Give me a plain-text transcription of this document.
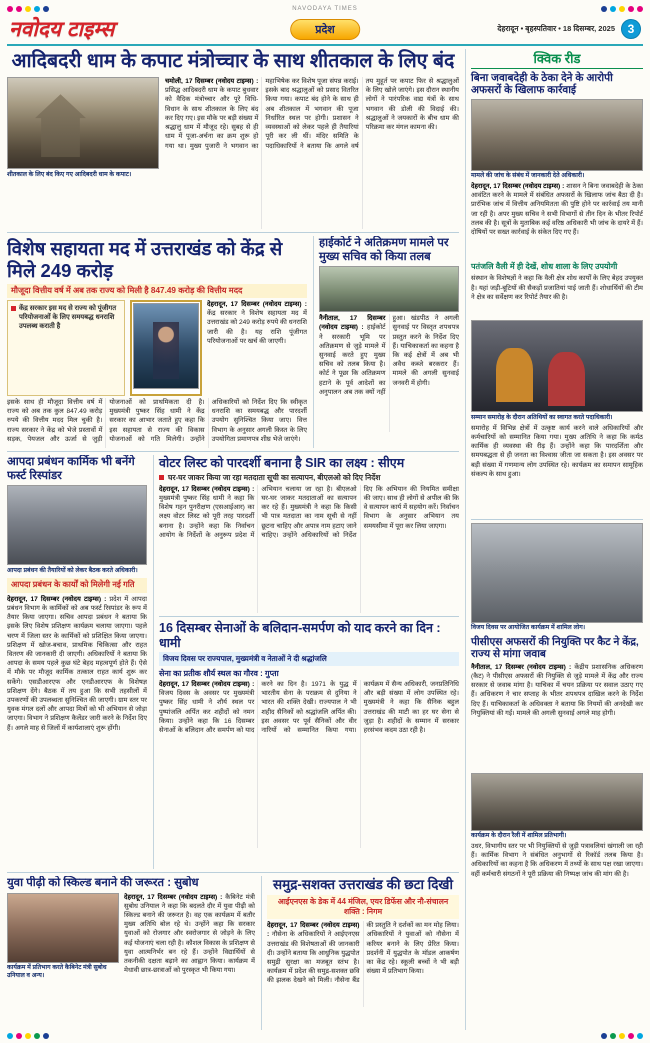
NAVODAYA TIMES
नवोदय टाइम्स	प्रदेश	देहरादून • बृहस्पतिवार • 18 दिसम्बर, 2025	3
आदिबदरी धाम के कपाट मंत्रोच्चार के साथ शीतकाल के लिए बंद
शीतकाल के लिए बंद किए गए आदिबदरी धाम के कपाट।
चमोली, 17 दिसम्बर (नवोदय टाइम्स) : प्रसिद्ध आदिबदरी धाम के कपाट बुधवार को वैदिक मंत्रोच्चार और पूरे विधि-विधान के साथ शीतकाल के लिए बंद कर दिए गए। इस मौके पर बड़ी संख्या में श्रद्धालु धाम में मौजूद रहे। सुबह से ही धाम में पूजा-अर्चना का क्रम शुरू हो गया था। मुख्य पुजारी ने भगवान का महाभिषेक कर विशेष पूजा संपन्न कराई। इसके बाद श्रद्धालुओं को प्रसाद वितरित किया गया। कपाट बंद होने के साथ ही अब शीतकाल में भगवान की पूजा निर्धारित स्थल पर होगी। प्रशासन ने व्यवस्थाओं को लेकर पहले ही तैयारियां पूरी कर ली थीं। मंदिर समिति के पदाधिकारियों ने बताया कि अगले वर्ष तय मुहूर्त पर कपाट फिर से श्रद्धालुओं के लिए खोले जाएंगे। इस दौरान स्थानीय लोगों ने पारंपरिक वाद्य यंत्रों के साथ भगवान की डोली की विदाई की। श्रद्धालुओं ने जयकारों के बीच धाम की परिक्रमा कर मंगल कामना की।
विशेष सहायता मद में उत्तराखंड को केंद्र से मिले 249 करोड़
मौजूदा वित्तीय वर्ष में अब तक राज्य को मिली है 847.49 करोड़ की वित्तीय मदद
केंद्र सरकार इस मद से राज्य को पूंजीगत परियोजनाओं के लिए समयबद्ध धनराशि उपलब्ध कराती है
देहरादून, 17 दिसम्बर (नवोदय टाइम्स) : केंद्र सरकार ने विशेष सहायता मद में उत्तराखंड को 249 करोड़ रुपये की धनराशि जारी की है। यह राशि पूंजीगत परियोजनाओं पर खर्च की जाएगी।
इसके साथ ही मौजूदा वित्तीय वर्ष में राज्य को अब तक कुल 847.49 करोड़ रुपये की वित्तीय मदद मिल चुकी है। राज्य सरकार ने केंद्र को भेजे प्रस्तावों में सड़क, पेयजल और ऊर्जा से जुड़ी योजनाओं को प्राथमिकता दी है। मुख्यमंत्री पुष्कर सिंह धामी ने केंद्र सरकार का आभार जताते हुए कहा कि इस सहायता से राज्य की विकास योजनाओं को गति मिलेगी। उन्होंने अधिकारियों को निर्देश दिए कि स्वीकृत धनराशि का समयबद्ध और पारदर्शी उपयोग सुनिश्चित किया जाए। वित्त विभाग के अनुसार अगली किस्त के लिए उपयोगिता प्रमाणपत्र शीघ्र भेजे जाएंगे।
हाईकोर्ट ने अतिक्रमण मामले पर मुख्य सचिव को किया तलब
नैनीताल, 17 दिसम्बर (नवोदय टाइम्स) : हाईकोर्ट ने सरकारी भूमि पर अतिक्रमण से जुड़े मामले में सुनवाई करते हुए मुख्य सचिव को तलब किया है। कोर्ट ने पूछा कि अतिक्रमण हटाने के पूर्व आदेशों का अनुपालन अब तक क्यों नहीं हुआ। खंडपीठ ने अगली सुनवाई पर विस्तृत शपथपत्र प्रस्तुत करने के निर्देश दिए हैं। याचिकाकर्ता का कहना है कि कई क्षेत्रों में अब भी अवैध कब्जे बरकरार हैं। मामले की अगली सुनवाई जनवरी में होगी।
आपदा प्रबंधन कार्मिक भी बनेंगे फर्स्ट रिस्पांडर
आपदा प्रबंधन की तैयारियों को लेकर बैठक करते अधिकारी।
आपदा प्रबंधन के कार्यों को मिलेगी नई गति
देहरादून, 17 दिसम्बर (नवोदय टाइम्स) : प्रदेश में आपदा प्रबंधन विभाग के कार्मिकों को अब फर्स्ट रिस्पांडर के रूप में तैयार किया जाएगा। सचिव आपदा प्रबंधन ने बताया कि इसके लिए विशेष प्रशिक्षण कार्यक्रम चलाया जाएगा। पहले चरण में जिला स्तर के कार्मिकों को प्रशिक्षित किया जाएगा। प्रशिक्षण में खोज-बचाव, प्राथमिक चिकित्सा और राहत वितरण की जानकारी दी जाएगी। अधिकारियों ने बताया कि आपदा के समय पहले कुछ घंटे बेहद महत्वपूर्ण होते हैं। ऐसे में मौके पर मौजूद कार्मिक तत्काल राहत कार्य शुरू कर सकेंगे। एसडीआरएफ और एनडीआरएफ के विशेषज्ञ प्रशिक्षण देंगे। बैठक में तय हुआ कि सभी तहसीलों में उपकरणों की उपलब्धता सुनिश्चित की जाएगी। ग्राम स्तर पर युवक मंगल दलों और आपदा मित्रों को भी अभियान से जोड़ा जाएगा। विभाग ने प्रशिक्षण कैलेंडर जारी करने के निर्देश दिए हैं। अगले माह से जिलों में कार्यशालाएं शुरू होंगी।
वोटर लिस्ट को पारदर्शी बनाना है SIR का लक्ष्य : सीएम
घर-घर जाकर किया जा रहा मतदाता सूची का सत्यापन, बीएलओ को दिए निर्देश
देहरादून, 17 दिसम्बर (नवोदय टाइम्स) : मुख्यमंत्री पुष्कर सिंह धामी ने कहा कि विशेष गहन पुनरीक्षण (एसआईआर) का लक्ष्य वोटर लिस्ट को पूरी तरह पारदर्शी बनाना है। उन्होंने कहा कि निर्वाचन आयोग के निर्देशों के अनुरूप प्रदेश में अभियान चलाया जा रहा है। बीएलओ घर-घर जाकर मतदाताओं का सत्यापन कर रहे हैं। मुख्यमंत्री ने कहा कि किसी भी पात्र मतदाता का नाम सूची से नहीं छूटना चाहिए और अपात्र नाम हटाए जाने चाहिए। उन्होंने अधिकारियों को निर्देश दिए कि अभियान की नियमित समीक्षा की जाए। साथ ही लोगों से अपील की कि वे सत्यापन कार्य में सहयोग करें। निर्वाचन विभाग के अनुसार अभियान तय समयसीमा में पूरा कर लिया जाएगा।
16 दिसम्बर सेनाओं के बलिदान-समर्पण को याद करने का दिन : धामी
विजय दिवस पर राज्यपाल, मुख्यमंत्री व नेताओं ने दी श्रद्धांजलि
सेना का प्रतीक शौर्य स्थल का गौरव : गुप्ता
देहरादून, 17 दिसम्बर (नवोदय टाइम्स) : विजय दिवस के अवसर पर मुख्यमंत्री पुष्कर सिंह धामी ने शौर्य स्थल पर पुष्पांजलि अर्पित कर शहीदों को नमन किया। उन्होंने कहा कि 16 दिसम्बर सेनाओं के बलिदान और समर्पण को याद करने का दिन है। 1971 के युद्ध में भारतीय सेना के पराक्रम से दुनिया ने भारत की शक्ति देखी। राज्यपाल ने भी शहीद सैनिकों को श्रद्धांजलि अर्पित की। इस अवसर पर पूर्व सैनिकों और वीर नारियों को सम्मानित किया गया। कार्यक्रम में सैन्य अधिकारी, जनप्रतिनिधि और बड़ी संख्या में लोग उपस्थित रहे। मुख्यमंत्री ने कहा कि सैनिक बहुल उत्तराखंड की माटी का हर घर सेना से जुड़ा है। शहीदों के सम्मान में सरकार हरसंभव कदम उठा रही है।
युवा पीढ़ी को स्किल्ड बनाने की जरूरत : सुबोध
कार्यक्रम में प्रतिभाग करते कैबिनेट मंत्री सुबोध उनियाल व अन्य।
देहरादून, 17 दिसम्बर (नवोदय टाइम्स) : कैबिनेट मंत्री सुबोध उनियाल ने कहा कि बदलते दौर में युवा पीढ़ी को स्किल्ड बनाने की जरूरत है। वह एक कार्यक्रम में बतौर मुख्य अतिथि बोल रहे थे। उन्होंने कहा कि सरकार युवाओं को रोजगार और स्वरोजगार से जोड़ने के लिए कई योजनाएं चला रही है। कौशल विकास के प्रशिक्षण से युवा आत्मनिर्भर बन रहे हैं। उन्होंने विद्यार्थियों से तकनीकी दक्षता बढ़ाने का आह्वान किया। कार्यक्रम में मेधावी छात्र-छात्राओं को पुरस्कृत भी किया गया।
समुद्र-सशक्त उत्तराखंड की छटा दिखी
आईएनएस के डेक में 44 मंजिल, एयर डिफेंस और नौ-संचालन शक्ति : निगम
देहरादून, 17 दिसम्बर (नवोदय टाइम्स) : नौसेना के अधिकारियों ने आईएनएस उत्तराखंड की विशेषताओं की जानकारी दी। उन्होंने बताया कि आधुनिक युद्धपोत समुद्री सुरक्षा का मजबूत स्तंभ है। कार्यक्रम में प्रदेश की समुद्र-सशक्त छवि की झलक देखने को मिली। नौसेना बैंड की प्रस्तुति ने दर्शकों का मन मोह लिया। अधिकारियों ने युवाओं को नौसेना में करियर बनाने के लिए प्रेरित किया। प्रदर्शनी में युद्धपोत के मॉडल आकर्षण का केंद्र रहे। स्कूली बच्चों ने भी बड़ी संख्या में प्रतिभाग किया।
क्विक रीड
बिना जवाबदेही के ठेका देने के आरोपी अफसरों के खिलाफ कार्रवाई
मामले की जांच के संबंध में जानकारी देते अधिकारी।
देहरादून, 17 दिसम्बर (नवोदय टाइम्स) : शासन ने बिना जवाबदेही के ठेका आवंटित करने के मामले में संबंधित अफसरों के खिलाफ जांच बैठा दी है। प्रारंभिक जांच में वित्तीय अनियमितता की पुष्टि होने पर कार्रवाई तय मानी जा रही है। अपर मुख्य सचिव ने सभी विभागों से तीन दिन के भीतर रिपोर्ट तलब की है। सूत्रों के मुताबिक कई वरिष्ठ अधिकारी भी जांच के दायरे में हैं। दोषियों पर सख्त कार्रवाई के संकेत दिए गए हैं।
पतंजलि वैली में ही देखें, शोध शाला के लिए उपयोगी
संस्थान के विशेषज्ञों ने कहा कि वैली क्षेत्र शोध कार्यों के लिए बेहद उपयुक्त है। यहां जड़ी-बूटियों की सैकड़ों प्रजातियां पाई जाती हैं। शोधार्थियों की टीम ने क्षेत्र का सर्वेक्षण कर रिपोर्ट तैयार की है।
सम्मान समारोह के दौरान अतिथियों का स्वागत करते पदाधिकारी।
समारोह में विभिन्न क्षेत्रों में उत्कृष्ट कार्य करने वाले अधिकारियों और कर्मचारियों को सम्मानित किया गया। मुख्य अतिथि ने कहा कि कर्मठ कार्मिक ही व्यवस्था की रीढ़ हैं। उन्होंने कहा कि पारदर्शिता और समयबद्धता से ही जनता का विश्वास जीता जा सकता है। इस अवसर पर बड़ी संख्या में गणमान्य लोग उपस्थित रहे। कार्यक्रम का समापन सामूहिक संकल्प के साथ हुआ।
विजय दिवस पर आयोजित कार्यक्रम में शामिल लोग।
पीसीएस अफसरों की नियुक्ति पर कैट ने केंद्र, राज्य से मांगा जवाब
नैनीताल, 17 दिसम्बर (नवोदय टाइम्स) : केंद्रीय प्रशासनिक अधिकरण (कैट) ने पीसीएस अफसरों की नियुक्ति से जुड़े मामले में केंद्र और राज्य सरकार से जवाब मांगा है। याचिका में चयन प्रक्रिया पर सवाल उठाए गए हैं। अधिकरण ने चार सप्ताह के भीतर शपथपत्र दाखिल करने के निर्देश दिए हैं। याचिकाकर्ता के अधिवक्ता ने बताया कि नियमों की अनदेखी कर नियुक्तियां की गईं। मामले की अगली सुनवाई अगले माह होगी।
कार्यक्रम के दौरान रैली में शामिल प्रतिभागी।
उधर, विभागीय स्तर पर भी नियुक्तियों से जुड़ी पत्रावलियां खंगाली जा रही हैं। कार्मिक विभाग ने संबंधित अनुभागों से रिकॉर्ड तलब किया है। अधिकारियों का कहना है कि अधिकरण में तथ्यों के साथ पक्ष रखा जाएगा। वहीं कर्मचारी संगठनों ने पूरी प्रक्रिया की निष्पक्ष जांच की मांग की है।
